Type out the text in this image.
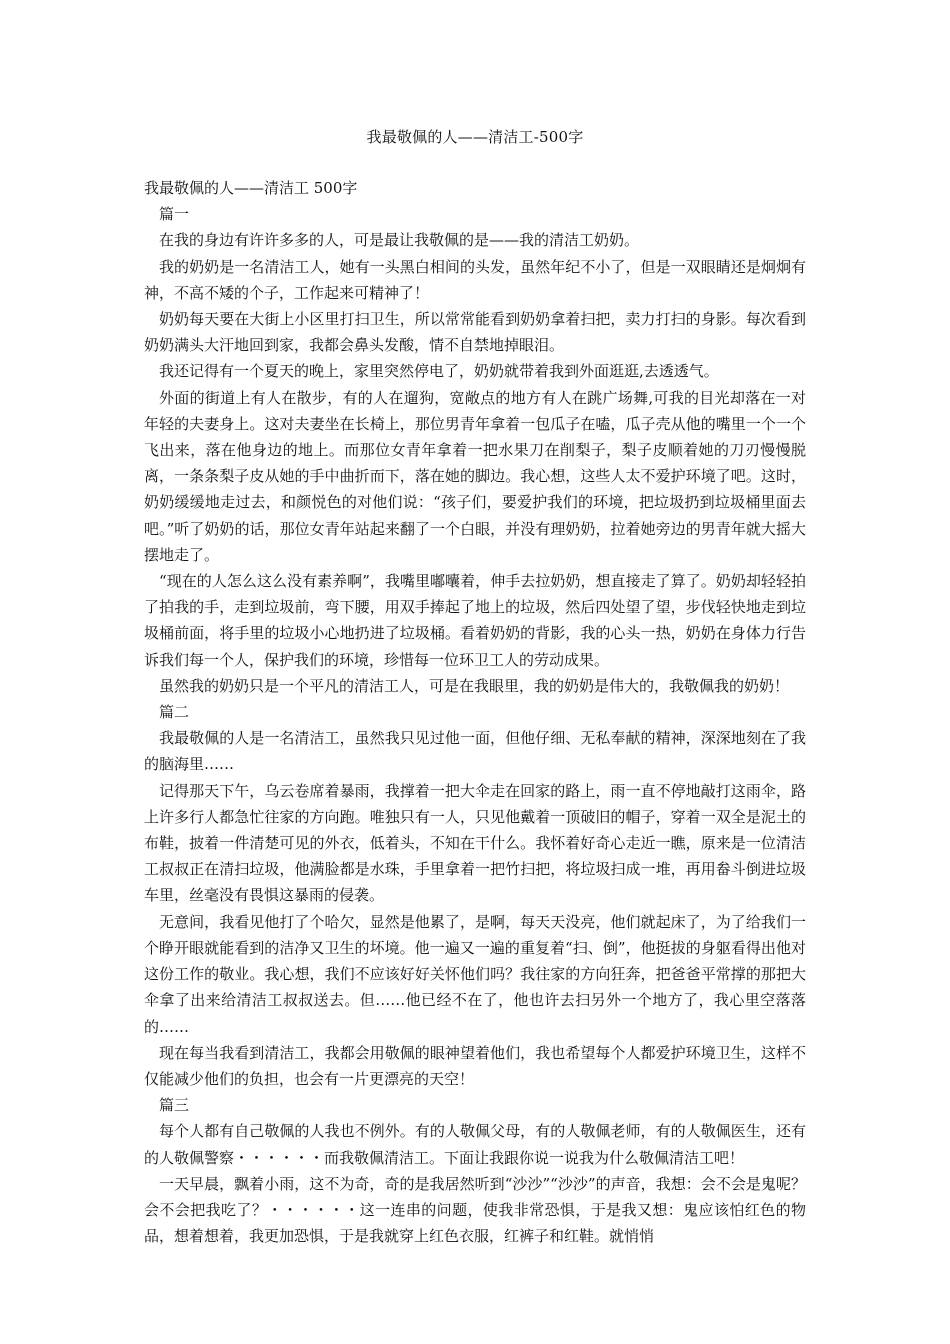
我最敬佩的人——清洁工-500字

我最敬佩的人——清洁工 500字

篇一

在我的身边有许许多多的人，可是最让我敬佩的是——我的清洁工奶奶。

我的奶奶是一名清洁工人，她有一头黑白相间的头发，虽然年纪不小了，但是一双眼睛还是炯炯有神，不高不矮的个子，工作起来可精神了！

奶奶每天要在大街上小区里打扫卫生，所以常常能看到奶奶拿着扫把，卖力打扫的身影。每次看到奶奶满头大汗地回到家，我都会鼻头发酸，情不自禁地掉眼泪。

我还记得有一个夏天的晚上，家里突然停电了，奶奶就带着我到外面逛逛,去透透气。

外面的街道上有人在散步，有的人在遛狗，宽敞点的地方有人在跳广场舞,可我的目光却落在一对年轻的夫妻身上。这对夫妻坐在长椅上，那位男青年拿着一包瓜子在嗑，瓜子壳从他的嘴里一个一个飞出来，落在他身边的地上。而那位女青年拿着一把水果刀在削梨子，梨子皮顺着她的刀刃慢慢脱离，一条条梨子皮从她的手中曲折而下，落在她的脚边。我心想，这些人太不爱护环境了吧。这时，奶奶缓缓地走过去，和颜悦色的对他们说：“孩子们，要爱护我们的环境，把垃圾扔到垃圾桶里面去吧。”听了奶奶的话，那位女青年站起来翻了一个白眼，并没有理奶奶，拉着她旁边的男青年就大摇大摆地走了。

“现在的人怎么这么没有素养啊”，我嘴里嘟囔着，伸手去拉奶奶，想直接走了算了。奶奶却轻轻拍了拍我的手，走到垃圾前，弯下腰，用双手捧起了地上的垃圾，然后四处望了望，步伐轻快地走到垃圾桶前面，将手里的垃圾小心地扔进了垃圾桶。看着奶奶的背影，我的心头一热，奶奶在身体力行告诉我们每一个人，保护我们的环境，珍惜每一位环卫工人的劳动成果。

虽然我的奶奶只是一个平凡的清洁工人，可是在我眼里，我的奶奶是伟大的，我敬佩我的奶奶！

篇二

我最敬佩的人是一名清洁工，虽然我只见过他一面，但他仔细、无私奉献的精神，深深地刻在了我的脑海里……

记得那天下午，乌云卷席着暴雨，我撑着一把大伞走在回家的路上，雨一直不停地敲打这雨伞，路上许多行人都急忙往家的方向跑。唯独只有一人，只见他戴着一顶破旧的帽子，穿着一双全是泥土的布鞋，披着一件清楚可见的外衣，低着头，不知在干什么。我怀着好奇心走近一瞧，原来是一位清洁工叔叔正在清扫垃圾，他满脸都是水珠，手里拿着一把竹扫把，将垃圾扫成一堆，再用畚斗倒进垃圾车里，丝毫没有畏惧这暴雨的侵袭。

无意间，我看见他打了个哈欠，显然是他累了，是啊，每天天没亮，他们就起床了，为了给我们一个睁开眼就能看到的洁净又卫生的坏境。他一遍又一遍的重复着“扫、倒”，他挺拔的身躯看得出他对这份工作的敬业。我心想，我们不应该好好关怀他们吗？我往家的方向狂奔，把爸爸平常撑的那把大伞拿了出来给清洁工叔叔送去。但……他已经不在了，他也许去扫另外一个地方了，我心里空落落的……

现在每当我看到清洁工，我都会用敬佩的眼神望着他们，我也希望每个人都爱护环境卫生，这样不仅能减少他们的负担，也会有一片更漂亮的天空！

篇三

每个人都有自己敬佩的人我也不例外。有的人敬佩父母，有的人敬佩老师，有的人敬佩医生，还有的人敬佩警察・・・・・・而我敬佩清洁工。下面让我跟你说一说我为什么敬佩清洁工吧！

一天早晨，飘着小雨，这不为奇，奇的是我居然听到“沙沙”“沙沙”的声音，我想：会不会是鬼呢？会不会把我吃了？・・・・・・这一连串的问题，使我非常恐惧，于是我又想：鬼应该怕红色的物品，想着想着，我更加恐惧，于是我就穿上红色衣服，红裤子和红鞋。就悄悄
